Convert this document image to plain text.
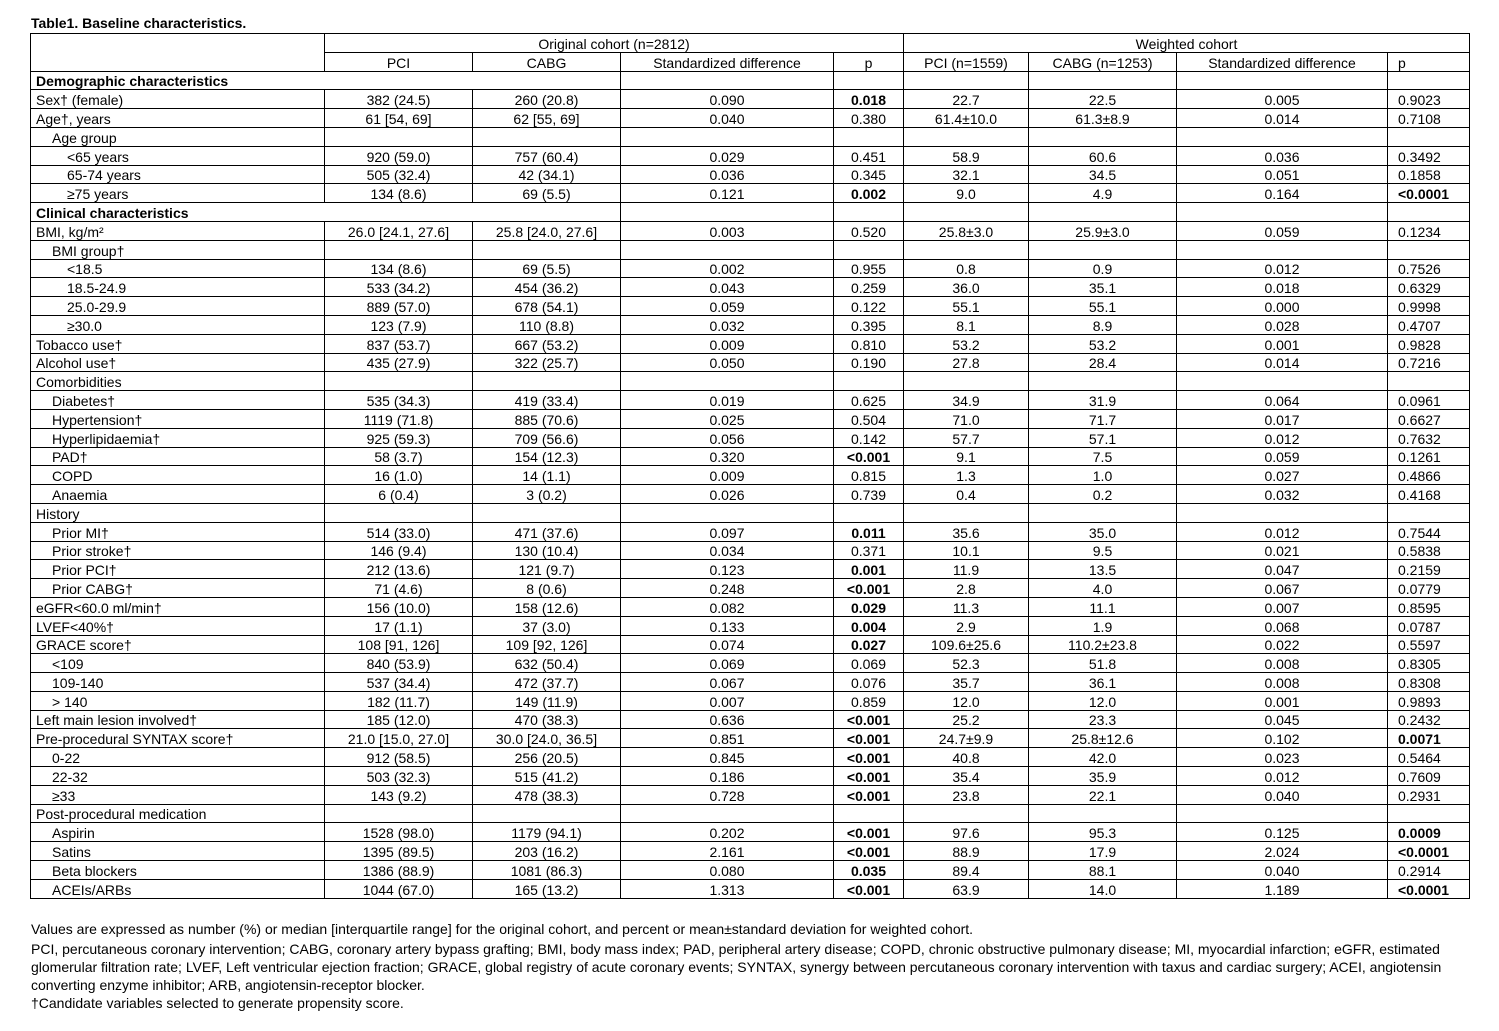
Table1. Baseline characteristics.
	Original cohort (n=2812)				Weighted cohort			
	PCI	CABG	Standardized difference	p	PCI (n=1559)	CABG (n=1253)	Standardized difference	p
Demographic characteristics								
Sex† (female)	382 (24.5)	260 (20.8)	0.090	0.018	22.7	22.5	0.005	0.9023
Age†, years	61 [54, 69]	62 [55, 69]	0.040	0.380	61.4±10.0	61.3±8.9	0.014	0.7108
Age group								
<65 years	920 (59.0)	757 (60.4)	0.029	0.451	58.9	60.6	0.036	0.3492
65-74 years	505 (32.4)	42 (34.1)	0.036	0.345	32.1	34.5	0.051	0.1858
≥75 years	134 (8.6)	69 (5.5)	0.121	0.002	9.0	4.9	0.164	<0.0001
Clinical characteristics								
BMI, kg/m²	26.0 [24.1, 27.6]	25.8 [24.0, 27.6]	0.003	0.520	25.8±3.0	25.9±3.0	0.059	0.1234
BMI group†								
<18.5	134 (8.6)	69 (5.5)	0.002	0.955	0.8	0.9	0.012	0.7526
18.5-24.9	533 (34.2)	454 (36.2)	0.043	0.259	36.0	35.1	0.018	0.6329
25.0-29.9	889 (57.0)	678 (54.1)	0.059	0.122	55.1	55.1	0.000	0.9998
≥30.0	123 (7.9)	110 (8.8)	0.032	0.395	8.1	8.9	0.028	0.4707
Tobacco use†	837 (53.7)	667 (53.2)	0.009	0.810	53.2	53.2	0.001	0.9828
Alcohol use†	435 (27.9)	322 (25.7)	0.050	0.190	27.8	28.4	0.014	0.7216
Comorbidities								
Diabetes†	535 (34.3)	419 (33.4)	0.019	0.625	34.9	31.9	0.064	0.0961
Hypertension†	1119 (71.8)	885 (70.6)	0.025	0.504	71.0	71.7	0.017	0.6627
Hyperlipidaemia†	925 (59.3)	709 (56.6)	0.056	0.142	57.7	57.1	0.012	0.7632
PAD†	58 (3.7)	154 (12.3)	0.320	<0.001	9.1	7.5	0.059	0.1261
COPD	16 (1.0)	14 (1.1)	0.009	0.815	1.3	1.0	0.027	0.4866
Anaemia	6 (0.4)	3 (0.2)	0.026	0.739	0.4	0.2	0.032	0.4168
History								
Prior MI†	514 (33.0)	471 (37.6)	0.097	0.011	35.6	35.0	0.012	0.7544
Prior stroke†	146 (9.4)	130 (10.4)	0.034	0.371	10.1	9.5	0.021	0.5838
Prior PCI†	212 (13.6)	121 (9.7)	0.123	0.001	11.9	13.5	0.047	0.2159
Prior CABG†	71 (4.6)	8 (0.6)	0.248	<0.001	2.8	4.0	0.067	0.0779
eGFR<60.0 ml/min†	156 (10.0)	158 (12.6)	0.082	0.029	11.3	11.1	0.007	0.8595
LVEF<40%†	17 (1.1)	37 (3.0)	0.133	0.004	2.9	1.9	0.068	0.0787
GRACE score†	108 [91, 126]	109 [92, 126]	0.074	0.027	109.6±25.6	110.2±23.8	0.022	0.5597
<109	840 (53.9)	632 (50.4)	0.069	0.069	52.3	51.8	0.008	0.8305
109-140	537 (34.4)	472 (37.7)	0.067	0.076	35.7	36.1	0.008	0.8308
> 140	182 (11.7)	149 (11.9)	0.007	0.859	12.0	12.0	0.001	0.9893
Left main lesion involved†	185 (12.0)	470 (38.3)	0.636	<0.001	25.2	23.3	0.045	0.2432
Pre-procedural SYNTAX score†	21.0 [15.0, 27.0]	30.0 [24.0, 36.5]	0.851	<0.001	24.7±9.9	25.8±12.6	0.102	0.0071
0-22	912 (58.5)	256 (20.5)	0.845	<0.001	40.8	42.0	0.023	0.5464
22-32	503 (32.3)	515 (41.2)	0.186	<0.001	35.4	35.9	0.012	0.7609
≥33	143 (9.2)	478 (38.3)	0.728	<0.001	23.8	22.1	0.040	0.2931
Post-procedural medication								
Aspirin	1528 (98.0)	1179 (94.1)	0.202	<0.001	97.6	95.3	0.125	0.0009
Satins	1395 (89.5)	203 (16.2)	2.161	<0.001	88.9	17.9	2.024	<0.0001
Beta blockers	1386 (88.9)	1081 (86.3)	0.080	0.035	89.4	88.1	0.040	0.2914
ACEIs/ARBs	1044 (67.0)	165 (13.2)	1.313	<0.001	63.9	14.0	1.189	<0.0001

Values are expressed as number (%) or median [interquartile range] for the original cohort, and percent or mean±standard deviation for weighted cohort.

PCI, percutaneous coronary intervention; CABG, coronary artery bypass grafting; BMI, body mass index; PAD, peripheral artery disease; COPD, chronic obstructive pulmonary disease; MI, myocardial infarction; eGFR, estimated glomerular filtration rate; LVEF, Left ventricular ejection fraction; GRACE, global registry of acute coronary events; SYNTAX, synergy between percutaneous coronary intervention with taxus and cardiac surgery; ACEI, angiotensin converting enzyme inhibitor; ARB, angiotensin-receptor blocker.

†Candidate variables selected to generate propensity score.
